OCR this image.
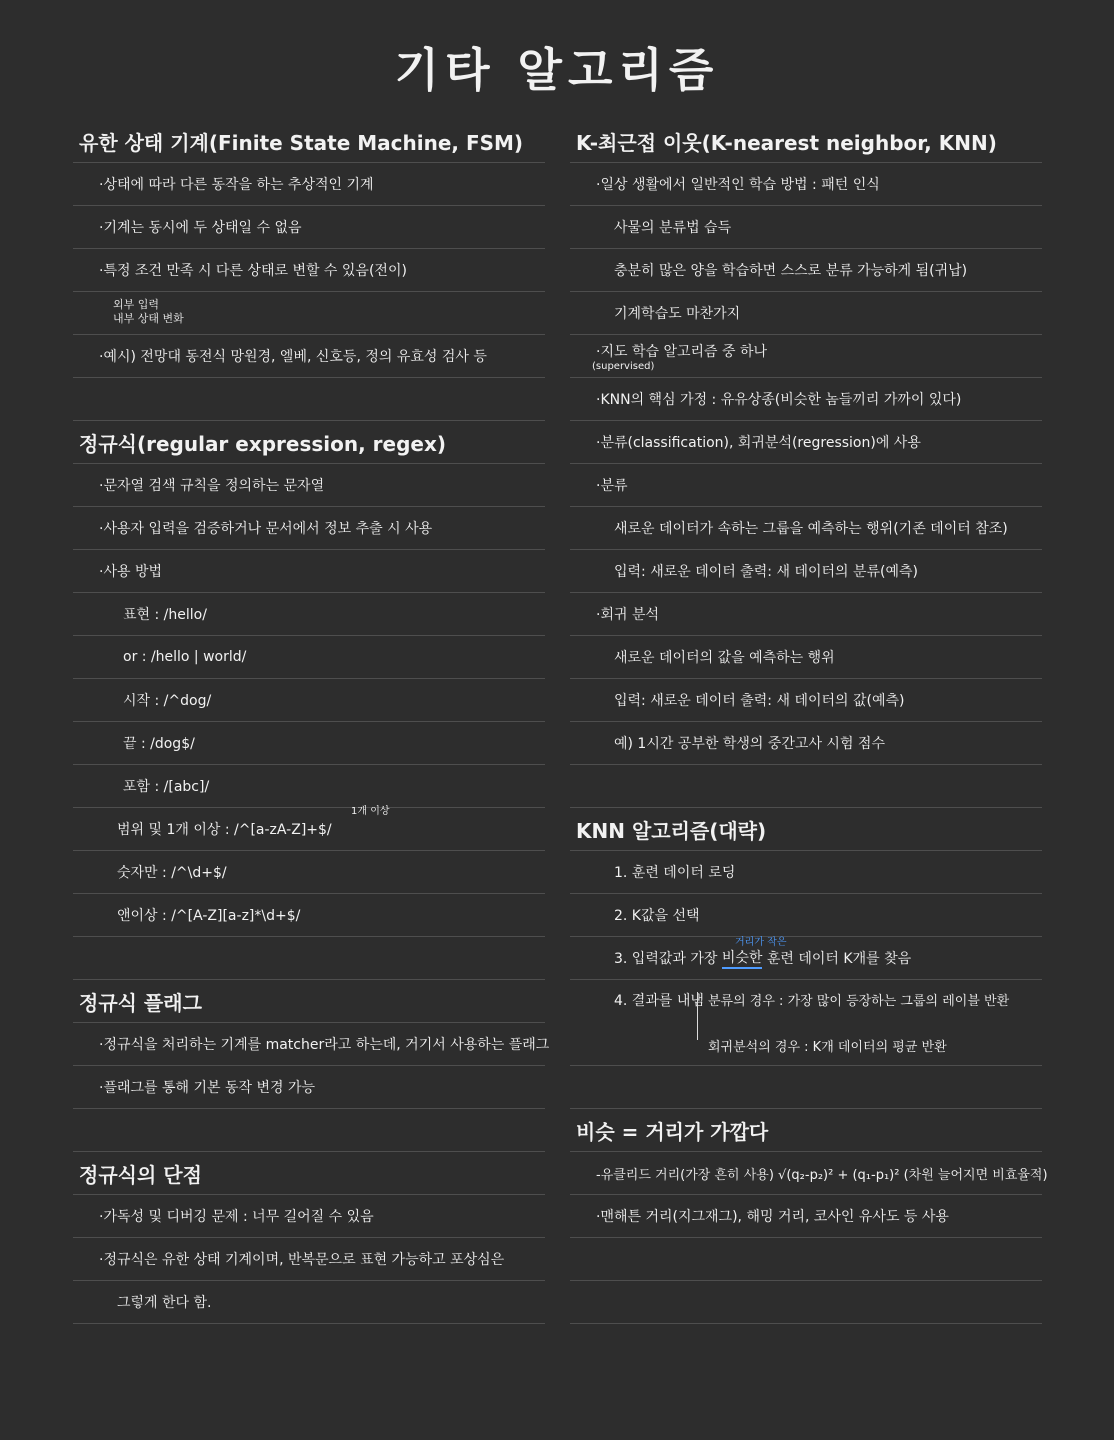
기타 알고리즘
유한 상태 기계(Finite State Machine, FSM)
·상태에 따라 다른 동작을 하는 추상적인 기계
·기계는 동시에 두 상태일 수 없음
·특정 조건 만족 시 다른 상태로 변할 수 있음(전이)
외부 입력
내부 상태 변화
·예시) 전망대 동전식 망원경, 엘베, 신호등, 정의 유효성 검사 등
정규식(regular expression, regex)
·문자열 검색 규칙을 정의하는 문자열
·사용자 입력을 검증하거나 문서에서 정보 추출 시 사용
·사용 방법
표현 : /hello/
or : /hello | world/
시작 : /^dog/
끝 : /dog$/
포함 : /[abc]/
범위 및 1개 이상 : /^[a-zA-Z]+$/
1개 이상
숫자만 : /^\d+$/
앤이상 : /^[A-Z][a-z]*\d+$/
정규식 플래그
·정규식을 처리하는 기계를 matcher라고 하는데, 거기서 사용하는 플래그
·플래그를 통해 기본 동작 변경 가능
정규식의 단점
·가독성 및 디버깅 문제 : 너무 길어질 수 있음
·정규식은 유한 상태 기계이며, 반복문으로 표현 가능하고 포상심은
그렇게 한다 함.
K-최근접 이웃(K-nearest neighbor, KNN)
·일상 생활에서 일반적인 학습 방법 : 패턴 인식
사물의 분류법 습득
충분히 많은 양을 학습하면 스스로 분류 가능하게 됨(귀납)
기계학습도 마찬가지
·지도 학습 알고리즘 중 하나
(supervised)
·KNN의 핵심 가정 : 유유상종(비슷한 놈들끼리 가까이 있다)
·분류(classification), 회귀분석(regression)에 사용
·분류
새로운 데이터가 속하는 그룹을 예측하는 행위(기존 데이터 참조)
입력: 새로운 데이터 출력: 새 데이터의 분류(예측)
·회귀 분석
새로운 데이터의 값을 예측하는 행위
입력: 새로운 데이터 출력: 새 데이터의 값(예측)
예) 1시간 공부한 학생의 중간고사 시험 점수
KNN 알고리즘(대략)
1. 훈련 데이터 로딩
2. K값을 선택
3. 입력값과 가장
비슷한
훈련 데이터 K개를 찾음
거리가 작은
4. 결과를 내냄 분류의 경우 : 가장 많이 등장하는 그룹의 레이블 반환
회귀분석의 경우 : K개 데이터의 평균 반환
비슷 = 거리가 가깝다
-유클리드 거리(가장 흔히 사용) √(q₂-p₂)² + (q₁-p₁)² (차원 늘어지면 비효율적)
·맨해튼 거리(지그재그), 해밍 거리, 코사인 유사도 등 사용
